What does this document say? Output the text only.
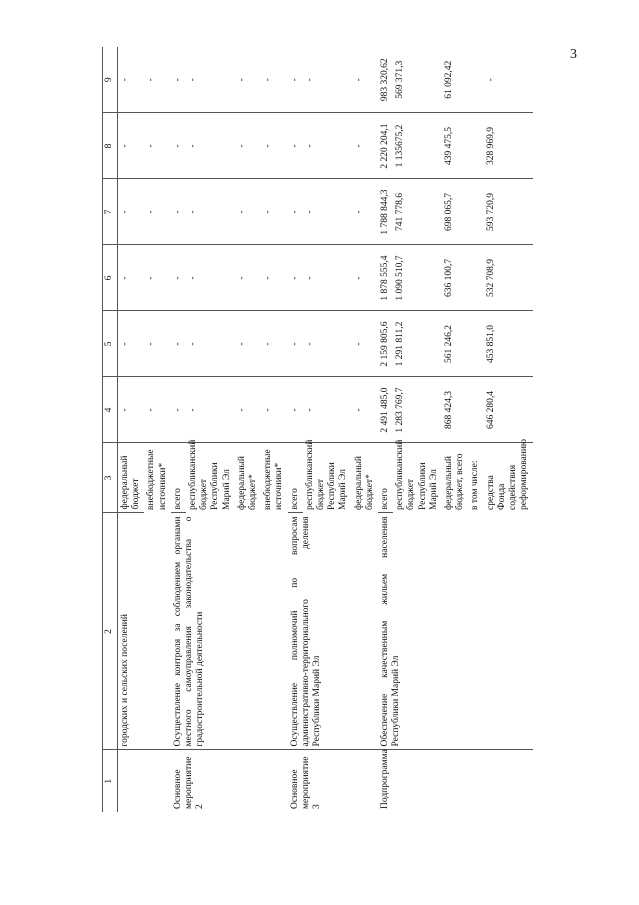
3
1	2	3	4	5	6	7	8	9
	городских и сельских поселений	федеральный бюджет	-	-	-	-	-	-
		внебюджетные источники*	-	-	-	-	-	-
Основное мероприятие 2	Осуществление контроля за соблюдением органами местного самоуправления законодательства о градостроительной деятельности	всего	-	-	-	-	-	-
		республиканский бюджет Республики Марий Эл	-	-	-	-	-	-
		федеральный бюджет*	-	-	-	-	-	-
		внебюджетные источники*	-	-	-	-	-	-
Основное мероприятие 3	Осуществление полномочий по вопросам административно-территориального деления Республики Марий Эл	всего	-	-	-	-	-	-
		республиканский бюджет Республики Марий Эл	-	-	-	-	-	-
		федеральный бюджет*	-	-	-	-	-	-
Подпрограмма	Обеспечение качественным жильем населения Республики Марий Эл	всего	2 491 485,0	2 159 805,6	1 878 555,4	1 788 844,3	2 220 204,1	983 320,62
		республиканский бюджет Республики Марий Эл	1 283 769,7	1 291 811,2	1 090 510,7	741 778,6	1 135675,2	569 371,3
		федеральный бюджет, всего	868 424,3	561 246,2	636 100,7	698 065,7	439 475,5	61 092,42
		в том числе:						
		средства Фонда содействия реформированию	646 280,4	453 851,0	532 708,9	593 720,9	328 969,9	-
